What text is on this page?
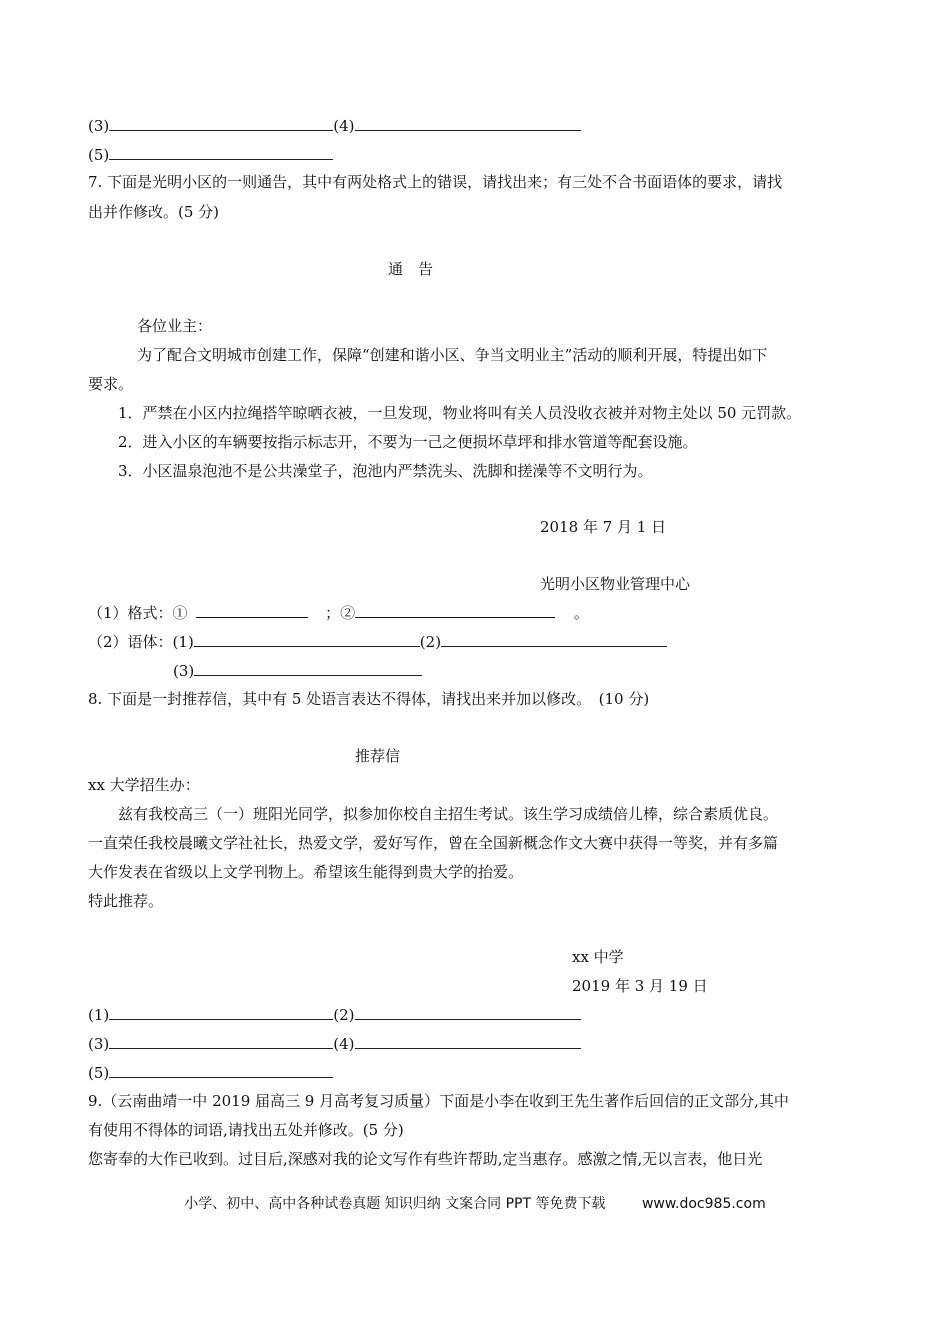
(3)	(4)
(5)
7. 下面是光明小区的一则通告，其中有两处格式上的错误，请找出来；有三处不合书面语体的要求，请找
出并作修改。(5 分)
通　告
各位业主：
为了配合文明城市创建工作，保障“创建和谐小区、争当文明业主”活动的顺利开展，特提出如下
要求。
1．严禁在小区内拉绳搭竿晾晒衣被，一旦发现，物业将叫有关人员没收衣被并对物主处以 50 元罚款。
2．进入小区的车辆要按指示标志开，不要为一己之便损坏草坪和排水管道等配套设施。
3．小区温泉泡池不是公共澡堂子，泡池内严禁洗头、洗脚和搓澡等不文明行为。
2018 年 7 月 1 日
光明小区物业管理中心
（1）格式：①	；②	。
（2）语体：(1)	(2)
(3)
8. 下面是一封推荐信，其中有 5 处语言表达不得体，请找出来并加以修改。　(10 分)
推荐信
xx 大学招生办：
兹有我校高三（一）班阳光同学，拟参加你校自主招生考试。该生学习成绩倍儿棒，综合素质优良。
一直荣任我校晨曦文学社社长，热爱文学，爱好写作，曾在全国新概念作文大赛中获得一等奖，并有多篇
大作发表在省级以上文学刊物上。希望该生能得到贵大学的抬爱。
特此推荐。
xx 中学
2019 年 3 月 19 日
(1)	(2)
(3)	(4)
(5)
9.（云南曲靖一中 2019 届高三 9 月高考复习质量）下面是小李在收到王先生著作后回信的正文部分,其中
有使用不得体的词语,请找出五处并修改。(5 分)
您寄奉的大作已收到。过目后,深感对我的论文写作有些许帮助,定当惠存。感激之情,无以言表，他日光
小学、初中、高中各种试卷真题 知识归纳 文案合同 PPT 等免费下载	www.doc985.com
